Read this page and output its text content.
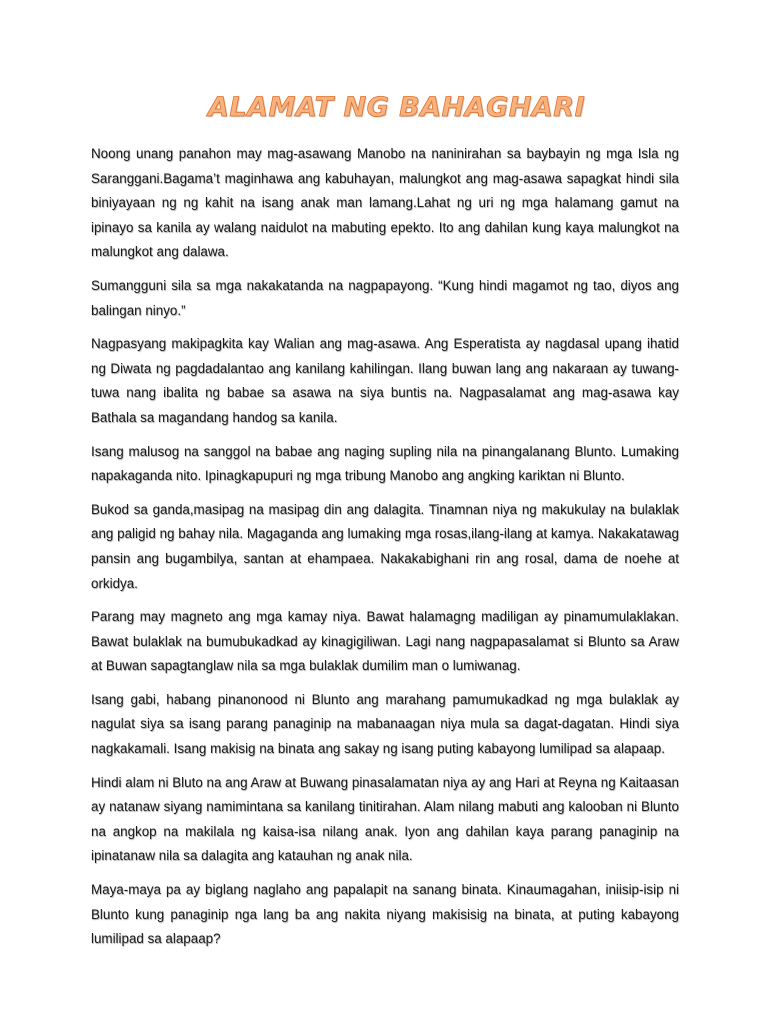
ALAMAT NG BAHAGHARI

Noong unang panahon may mag-asawang Manobo na naninirahan sa baybayin ng mga Isla ng Saranggani.Bagama’t maginhawa ang kabuhayan, malungkot ang mag-asawa sapagkat hindi sila biniyayaan ng ng kahit na isang anak man lamang.Lahat ng uri ng mga halamang gamut na ipinayo sa kanila ay walang naidulot na mabuting epekto. Ito ang dahilan kung kaya malungkot na malungkot ang dalawa.

Sumangguni sila sa mga nakakatanda na nagpapayong. “Kung hindi magamot ng tao, diyos ang balingan ninyo.”

Nagpasyang makipagkita kay Walian ang mag-asawa. Ang Esperatista ay nagdasal upang ihatid ng Diwata ng pagdadalantao ang kanilang kahilingan. Ilang buwan lang ang nakaraan ay tuwang-tuwa nang ibalita ng babae sa asawa na siya buntis na. Nagpasalamat ang mag-asawa kay Bathala sa magandang handog sa kanila.

Isang malusog na sanggol na babae ang naging supling nila na pinangalanang Blunto. Lumaking napakaganda nito. Ipinagkapupuri ng mga tribung Manobo ang angking kariktan ni Blunto.

Bukod sa ganda,masipag na masipag din ang dalagita. Tinamnan niya ng makukulay na bulaklak ang paligid ng bahay nila. Magaganda ang lumaking mga rosas,ilang-ilang at kamya. Nakakatawag pansin ang bugambilya, santan at ehampaea. Nakakabighani rin ang rosal, dama de noehe at orkidya.

Parang may magneto ang mga kamay niya. Bawat halamagng madiligan ay pinamumulaklakan. Bawat bulaklak na bumubukadkad ay kinagigiliwan. Lagi nang nagpapasalamat si Blunto sa Araw at Buwan sapagtanglaw nila sa mga bulaklak dumilim man o lumiwanag.

Isang gabi, habang pinanonood ni Blunto ang marahang pamumukadkad ng mga bulaklak ay nagulat siya sa isang parang panaginip na mabanaagan niya mula sa dagat-dagatan. Hindi siya nagkakamali. Isang makisig na binata ang sakay ng isang puting kabayong lumilipad sa alapaap.

Hindi alam ni Bluto na ang Araw at Buwang pinasalamatan niya ay ang Hari at Reyna ng Kaitaasan ay natanaw siyang namimintana sa kanilang tinitirahan. Alam nilang mabuti ang kalooban ni Blunto na angkop na makilala ng kaisa-isa nilang anak. Iyon ang dahilan kaya parang panaginip na ipinatanaw nila sa dalagita ang katauhan ng anak nila.

Maya-maya pa ay biglang naglaho ang papalapit na sanang binata. Kinaumagahan, iniisip-isip ni Blunto kung panaginip nga lang ba ang nakita niyang makisisig na binata, at puting kabayong lumilipad sa alapaap?
